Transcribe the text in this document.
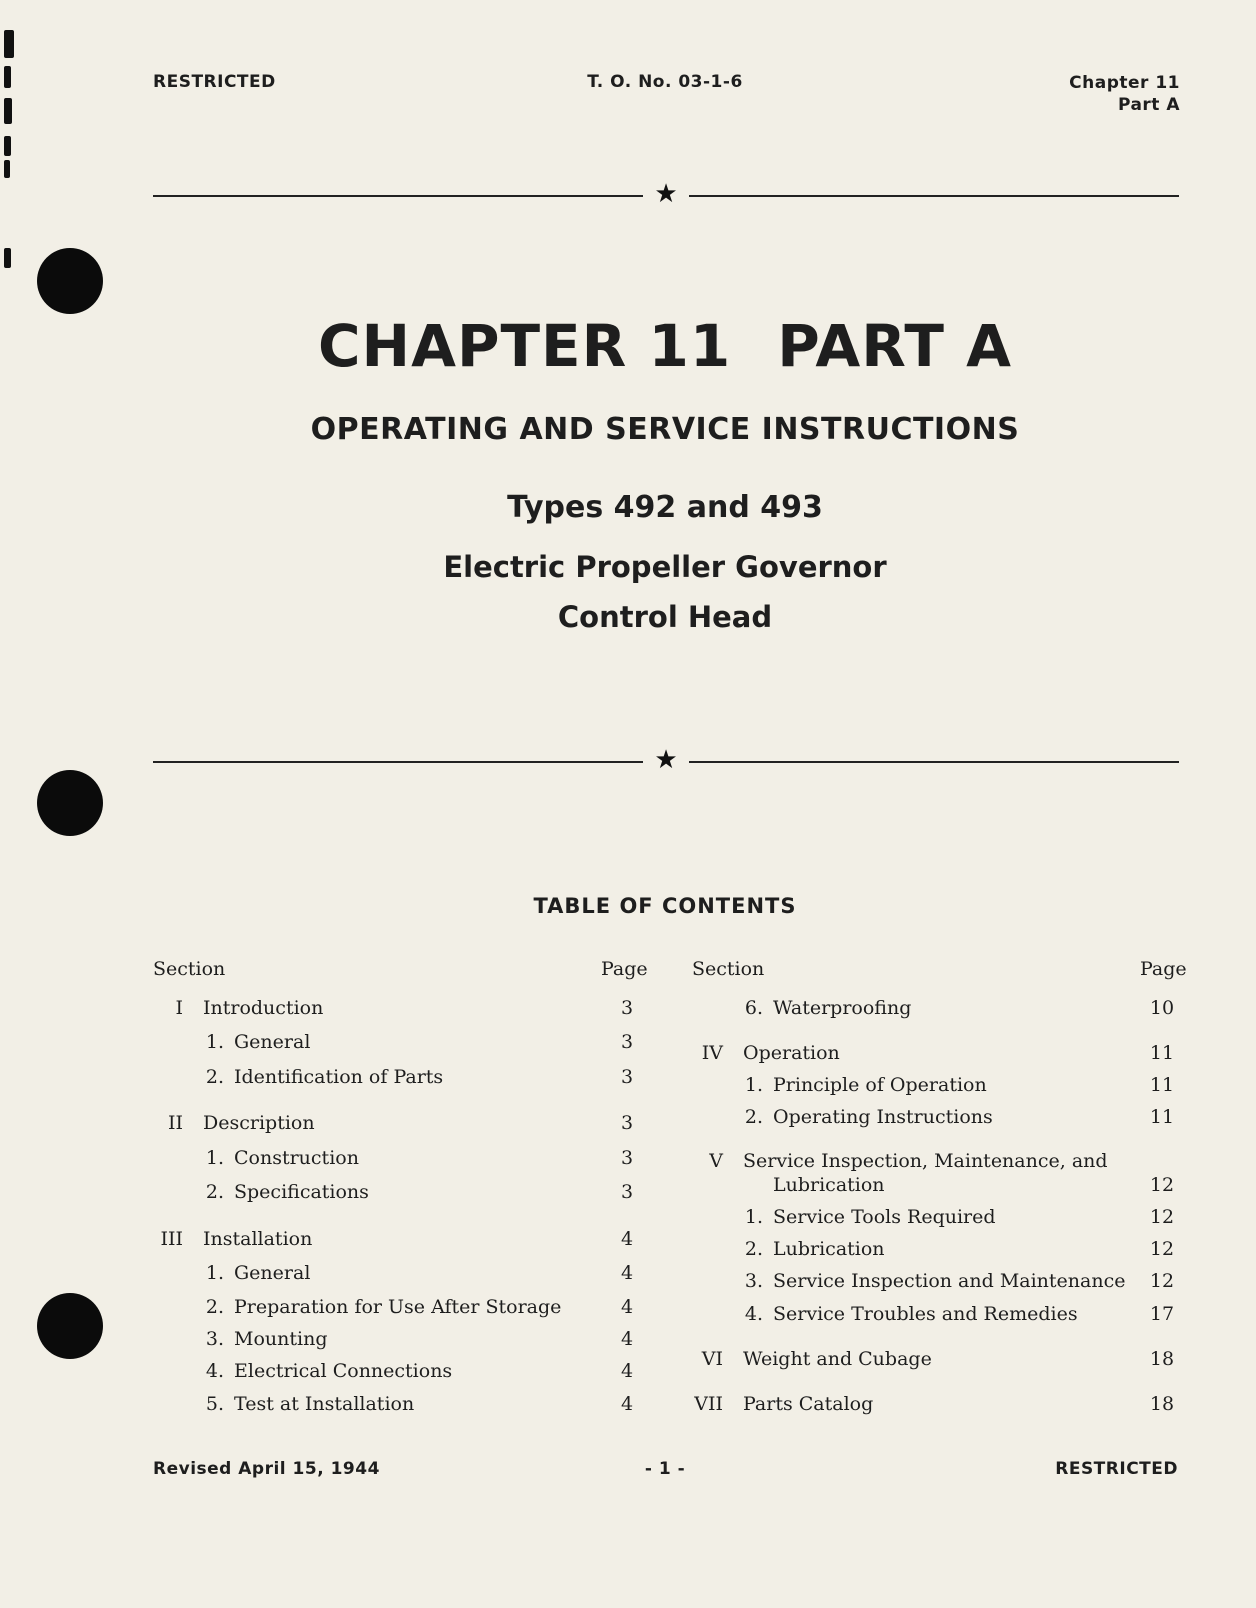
RESTRICTED	T. O. No. 03-1-6	Chapter 11
Part A
★
CHAPTER 11 PART A
OPERATING AND SERVICE INSTRUCTIONS
Types 492 and 493
Electric Propeller Governor
Control Head
★
TABLE OF CONTENTS
Section	Page Section	Page
I Introduction	3
1. General	3
2. Identification of Parts	3
II Description	3
1. Construction	3
2. Specifications	3
III Installation	4
1. General	4
2. Preparation for Use After Storage	4
3. Mounting	4
4. Electrical Connections	4
5. Test at Installation	4
6. Waterproofing	10
IV Operation	11
1. Principle of Operation	11
2. Operating Instructions	11
V Service Inspection, Maintenance, and
Lubrication	12
1. Service Tools Required	12
2. Lubrication	12
3. Service Inspection and Maintenance	12
4. Service Troubles and Remedies	17
VI Weight and Cubage	18
VII Parts Catalog	18
Revised April 15, 1944	- 1 -	RESTRICTED
